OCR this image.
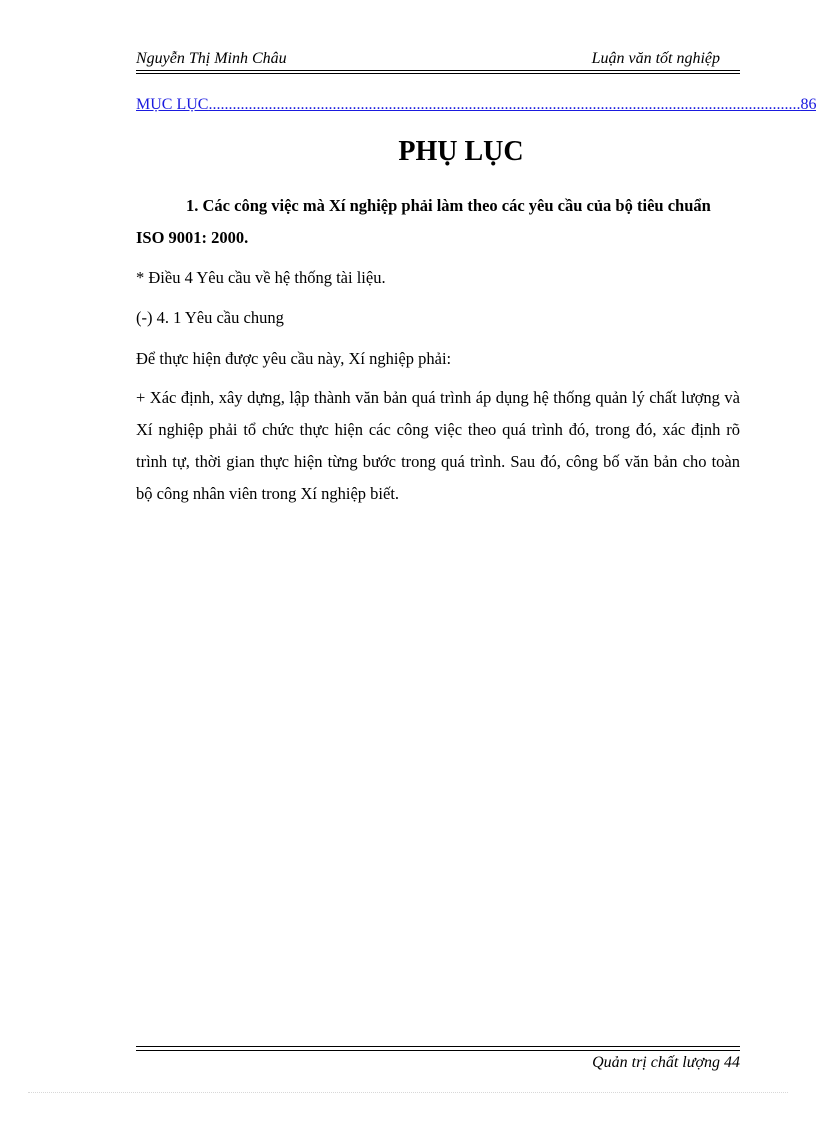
Nguyễn Thị Minh Châu	Luận văn tốt nghiệp
MỤC LỤC .................................................................................................................................................... 86
PHỤ LỤC
1. Các công việc mà Xí nghiệp phải làm theo các yêu cầu của bộ tiêu chuẩn ISO 9001: 2000.
* Điều 4 Yêu cầu về hệ thống tài liệu.
(-) 4. 1 Yêu cầu chung
Để thực hiện được yêu cầu này, Xí nghiệp phải:
+ Xác định, xây dựng, lập thành văn bản quá trình áp dụng hệ thống quản lý chất lượng và Xí nghiệp phải tổ chức thực hiện các công việc theo quá trình đó, trong đó, xác định rõ trình tự, thời gian thực hiện từng bước trong quá trình. Sau đó, công bố văn bản cho toàn bộ công nhân viên trong Xí nghiệp biết.
Quản trị chất lượng 44
